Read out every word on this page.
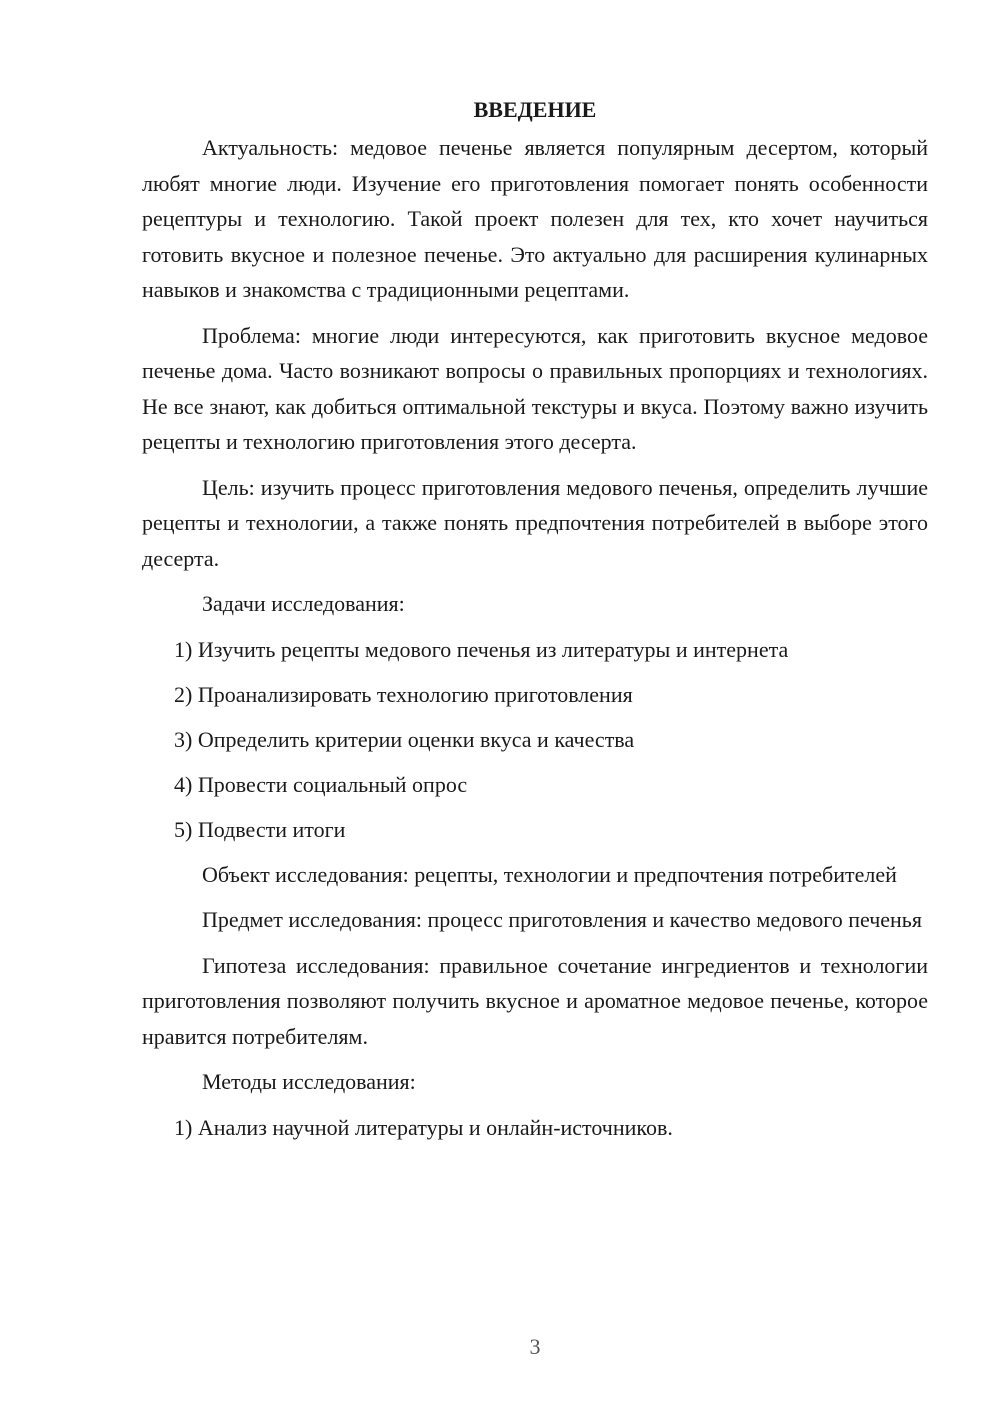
ВВЕДЕНИЕ

Актуальность: медовое печенье является популярным десертом, который любят многие люди. Изучение его приготовления помогает понять особенности рецептуры и технологию. Такой проект полезен для тех, кто хочет научиться готовить вкусное и полезное печенье. Это актуально для расширения кулинарных навыков и знакомства с традиционными рецептами.

Проблема: многие люди интересуются, как приготовить вкусное медовое печенье дома. Часто возникают вопросы о правильных пропорциях и технологиях. Не все знают, как добиться оптимальной текстуры и вкуса. Поэтому важно изучить рецепты и технологию приготовления этого десерта.

Цель: изучить процесс приготовления медового печенья, определить лучшие рецепты и технологии, а также понять предпочтения потребителей в выборе этого десерта.

Задачи исследования:

1) Изучить рецепты медового печенья из литературы и интернета

2) Проанализировать технологию приготовления

3) Определить критерии оценки вкуса и качества

4) Провести социальный опрос

5) Подвести итоги

Объект исследования: рецепты, технологии и предпочтения потребителей

Предмет исследования: процесс приготовления и качество медового печенья

Гипотеза исследования: правильное сочетание ингредиентов и технологии приготовления позволяют получить вкусное и ароматное медовое печенье, которое нравится потребителям.

Методы исследования:

1) Анализ научной литературы и онлайн-источников.

3
